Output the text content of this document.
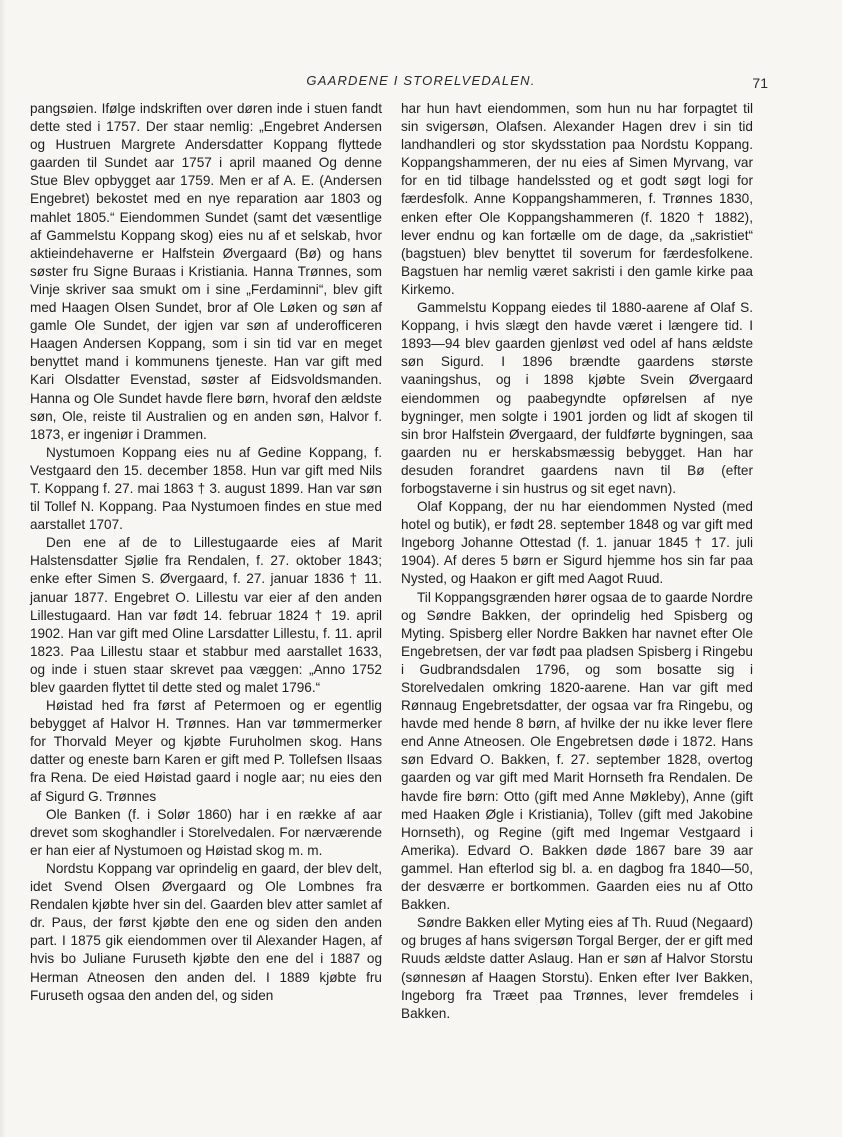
GAARDENE I STORELVEDALEN.	71

pangsøien. Ifølge indskriften over døren inde i stuen fandt dette sted i 1757. Der staar nemlig: „Engebret Andersen og Hustruen Margrete Andersdatter Koppang flyttede gaarden til Sundet aar 1757 i april maaned Og denne Stue Blev opbygget aar 1759. Men er af A. E. (Andersen Engebret) bekostet med en nye reparation aar 1803 og mahlet 1805.“ Eiendommen Sundet (samt det væsentlige af Gammelstu Koppang skog) eies nu af et selskab, hvor aktieindehaverne er Halfstein Øvergaard (Bø) og hans søster fru Signe Buraas i Kristiania. Hanna Trønnes, som Vinje skriver saa smukt om i sine „Ferdaminni“, blev gift med Haagen Olsen Sundet, bror af Ole Løken og søn af gamle Ole Sundet, der igjen var søn af underofficeren Haagen Andersen Koppang, som i sin tid var en meget benyttet mand i kommunens tjeneste. Han var gift med Kari Olsdatter Evenstad, søster af Eidsvoldsmanden. Hanna og Ole Sundet havde flere børn, hvoraf den ældste søn, Ole, reiste til Australien og en anden søn, Halvor f. 1873, er ingeniør i Drammen.

Nystumoen Koppang eies nu af Gedine Koppang, f. Vestgaard den 15. december 1858. Hun var gift med Nils T. Koppang f. 27. mai 1863 † 3. august 1899. Han var søn til Tollef N. Koppang. Paa Nystumoen findes en stue med aarstallet 1707.

Den ene af de to Lillestugaarde eies af Marit Halstensdatter Sjølie fra Rendalen, f. 27. oktober 1843; enke efter Simen S. Øvergaard, f. 27. januar 1836 † 11. januar 1877. Engebret O. Lillestu var eier af den anden Lillestugaard. Han var født 14. februar 1824 † 19. april 1902. Han var gift med Oline Larsdatter Lillestu, f. 11. april 1823. Paa Lillestu staar et stabbur med aarstallet 1633, og inde i stuen staar skrevet paa væggen: „Anno 1752 blev gaarden flyttet til dette sted og malet 1796.“

Høistad hed fra først af Petermoen og er egentlig bebygget af Halvor H. Trønnes. Han var tømmermerker for Thorvald Meyer og kjøbte Furuholmen skog. Hans datter og eneste barn Karen er gift med P. Tollefsen Ilsaas fra Rena. De eied Høistad gaard i nogle aar; nu eies den af Sigurd G. Trønnes

Ole Banken (f. i Solør 1860) har i en række af aar drevet som skoghandler i Storelvedalen. For nærværende er han eier af Nystumoen og Høistad skog m. m.

Nordstu Koppang var oprindelig en gaard, der blev delt, idet Svend Olsen Øvergaard og Ole Lombnes fra Rendalen kjøbte hver sin del. Gaarden blev atter samlet af dr. Paus, der først kjøbte den ene og siden den anden part. I 1875 gik eiendommen over til Alexander Hagen, af hvis bo Juliane Furuseth kjøbte den ene del i 1887 og Herman Atneosen den anden del. I 1889 kjøbte fru Furuseth ogsaa den anden del, og siden

har hun havt eiendommen, som hun nu har forpagtet til sin svigersøn, Olafsen. Alexander Hagen drev i sin tid landhandleri og stor skydsstation paa Nordstu Koppang. Koppangshammeren, der nu eies af Simen Myrvang, var for en tid tilbage handelssted og et godt søgt logi for færdesfolk. Anne Koppangshammeren, f. Trønnes 1830, enken efter Ole Koppangshammeren (f. 1820 † 1882), lever endnu og kan fortælle om de dage, da „sakristiet“ (bagstuen) blev benyttet til soverum for færdesfolkene. Bagstuen har nemlig været sakristi i den gamle kirke paa Kirkemo.

Gammelstu Koppang eiedes til 1880-aarene af Olaf S. Koppang, i hvis slægt den havde været i længere tid. I 1893—94 blev gaarden gjenløst ved odel af hans ældste søn Sigurd. I 1896 brændte gaardens største vaaningshus, og i 1898 kjøbte Svein Øvergaard eiendommen og paabegyndte opførelsen af nye bygninger, men solgte i 1901 jorden og lidt af skogen til sin bror Halfstein Øvergaard, der fuldførte bygningen, saa gaarden nu er herskabsmæssig bebygget. Han har desuden forandret gaardens navn til Bø (efter forbogstaverne i sin hustrus og sit eget navn).

Olaf Koppang, der nu har eiendommen Nysted (med hotel og butik), er født 28. september 1848 og var gift med Ingeborg Johanne Ottestad (f. 1. januar 1845 † 17. juli 1904). Af deres 5 børn er Sigurd hjemme hos sin far paa Nysted, og Haakon er gift med Aagot Ruud.

Til Koppangsgrænden hører ogsaa de to gaarde Nordre og Søndre Bakken, der oprindelig hed Spisberg og Myting. Spisberg eller Nordre Bakken har navnet efter Ole Engebretsen, der var født paa pladsen Spisberg i Ringebu i Gudbrandsdalen 1796, og som bosatte sig i Storelvedalen omkring 1820-aarene. Han var gift med Rønnaug Engebretsdatter, der ogsaa var fra Ringebu, og havde med hende 8 børn, af hvilke der nu ikke lever flere end Anne Atneosen. Ole Engebretsen døde i 1872. Hans søn Edvard O. Bakken, f. 27. september 1828, overtog gaarden og var gift med Marit Hornseth fra Rendalen. De havde fire børn: Otto (gift med Anne Møkleby), Anne (gift med Haaken Øgle i Kristiania), Tollev (gift med Jakobine Hornseth), og Regine (gift med Ingemar Vestgaard i Amerika). Edvard O. Bakken døde 1867 bare 39 aar gammel. Han efterlod sig bl. a. en dagbog fra 1840—50, der desværre er bortkommen. Gaarden eies nu af Otto Bakken.

Søndre Bakken eller Myting eies af Th. Ruud (Negaard) og bruges af hans svigersøn Torgal Berger, der er gift med Ruuds ældste datter Aslaug. Han er søn af Halvor Storstu (sønnesøn af Haagen Storstu). Enken efter Iver Bakken, Ingeborg fra Træet paa Trønnes, lever fremdeles i Bakken.
